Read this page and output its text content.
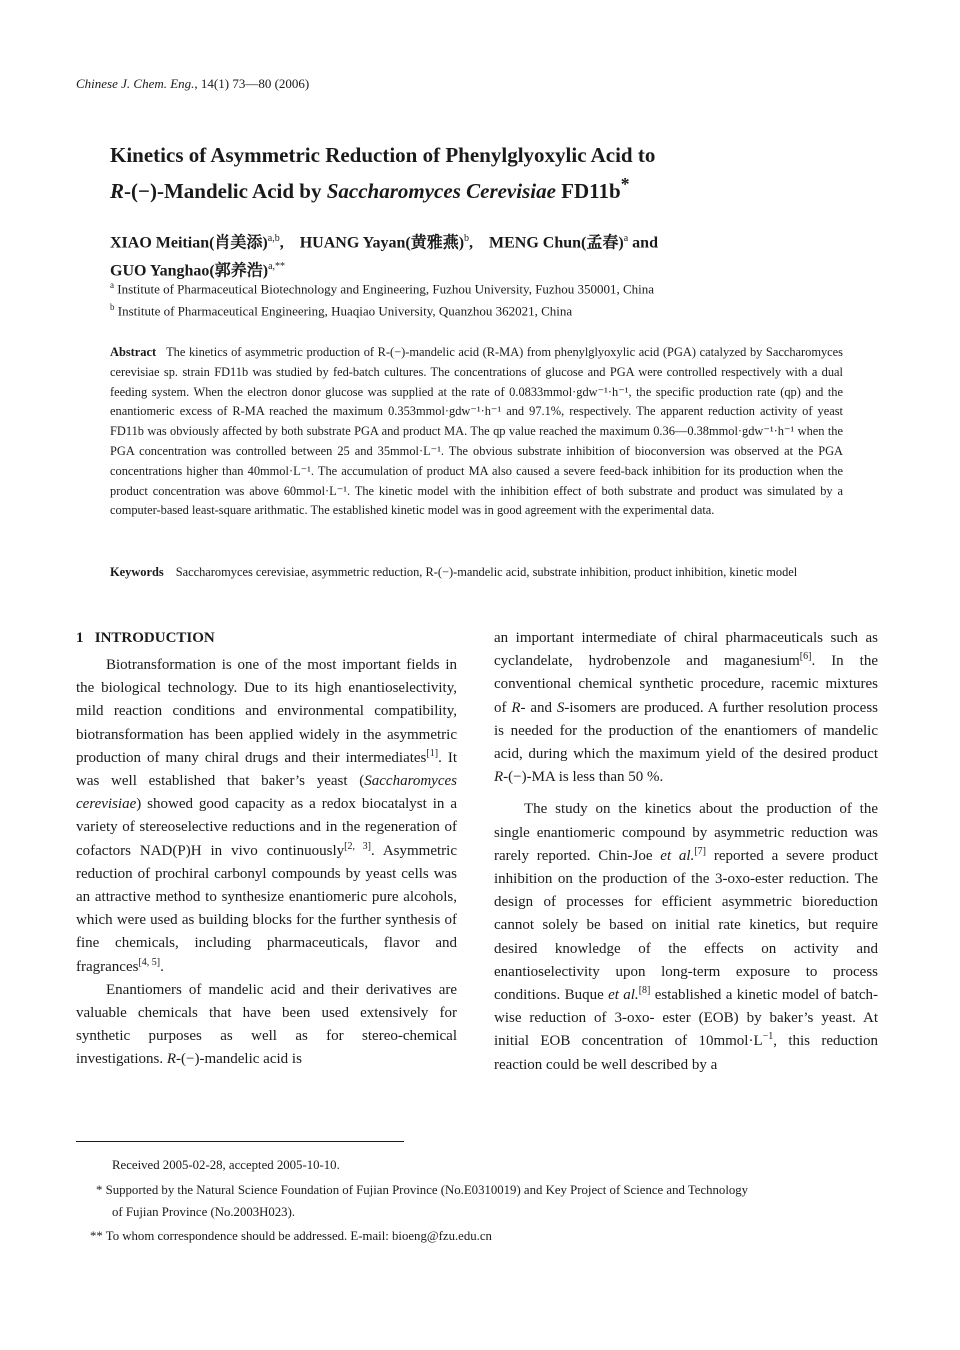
Chinese J. Chem. Eng., 14(1) 73—80 (2006)
Kinetics of Asymmetric Reduction of Phenylglyoxylic Acid to
R-(−)-Mandelic Acid by Saccharomyces Cerevisiae FD11b*
XIAO Meitian(肖美添)$^{a,b}$,    HUANG Yayan(黄雅燕)$^b$,    MENG Chun(孟春)$^a$ and
GUO Yanghao(郭养浩)$^{a,**}$
$^a$ Institute of Pharmaceutical Biotechnology and Engineering, Fuzhou University, Fuzhou 350001, China
$^b$ Institute of Pharmaceutical Engineering, Huaqiao University, Quanzhou 362021, China
Abstract The kinetics of asymmetric production of R-(−)-mandelic acid (R-MA) from phenylglyoxylic acid (PGA) catalyzed by Saccharomyces cerevisiae sp. strain FD11b was studied by fed-batch cultures. The concentrations of glucose and PGA were controlled respectively with a dual feeding system. When the electron donor glucose was supplied at the rate of 0.0833mmol·gdw⁻¹·h⁻¹, the specific production rate (qp) and the enantiomeric excess of R-MA reached the maximum 0.353mmol·gdw⁻¹·h⁻¹ and 97.1%, respectively. The apparent reduction activity of yeast FD11b was obviously affected by both substrate PGA and product MA. The qp value reached the maximum 0.36—0.38mmol·gdw⁻¹·h⁻¹ when the PGA concentration was controlled between 25 and 35mmol·L⁻¹. The obvious substrate inhibition of bioconversion was observed at the PGA concentrations higher than 40mmol·L⁻¹. The accumulation of product MA also caused a severe feed-back inhibition for its production when the product concentration was above 60mmol·L⁻¹. The kinetic model with the inhibition effect of both substrate and product was simulated by a computer-based least-square arithmatic. The established kinetic model was in good agreement with the experimental data.
Keywords Saccharomyces cerevisiae, asymmetric reduction, R-(−)-mandelic acid, substrate inhibition, product inhibition, kinetic model
1   INTRODUCTION

Biotransformation is one of the most important fields in the biological technology. Due to its high enantioselectivity, mild reaction conditions and environmental compatibility, biotransformation has been applied widely in the asymmetric production of many chiral drugs and their intermediates[1]. It was well established that baker’s yeast (Saccharomyces cerevisiae) showed good capacity as a redox biocatalyst in a variety of stereoselective reductions and in the regeneration of cofactors NAD(P)H in vivo continuously[2, 3]. Asymmetric reduction of prochiral carbonyl compounds by yeast cells was an attractive method to synthesize enantiomeric pure alcohols, which were used as building blocks for the further synthesis of fine chemicals, including pharmaceuticals, flavor and fragrances[4, 5].

Enantiomers of mandelic acid and their derivatives are valuable chemicals that have been used extensively for synthetic purposes as well as for stereo-chemical investigations. R-(−)-mandelic acid is

an important intermediate of chiral pharmaceuticals such as cyclandelate, hydrobenzole and maganesium[6]. In the conventional chemical synthetic procedure, racemic mixtures of R- and S-isomers are produced. A further resolution process is needed for the production of the enantiomers of mandelic acid, during which the maximum yield of the desired product R-(−)-MA is less than 50 %.

The study on the kinetics about the production of the single enantiomeric compound by asymmetric reduction was rarely reported. Chin-Joe et al.[7] reported a severe product inhibition on the production of the 3-oxo-ester reduction. The design of processes for efficient asymmetric bioreduction cannot solely be based on initial rate kinetics, but require desired knowledge of the effects on activity and enantioselectivity upon long-term exposure to process conditions. Buque et al.[8] established a kinetic model of batch-wise reduction of 3-oxo- ester (EOB) by baker’s yeast. At initial EOB concentration of $10mmol\cdot L^{-1}$, this reduction reaction could be well described by a

Received 2005-02-28, accepted 2005-10-10.
* Supported by the Natural Science Foundation of Fujian Province (No.E0310019) and Key Project of Science and Technology
of Fujian Province (No.2003H023).
** To whom correspondence should be addressed. E-mail: bioeng@fzu.edu.cn
